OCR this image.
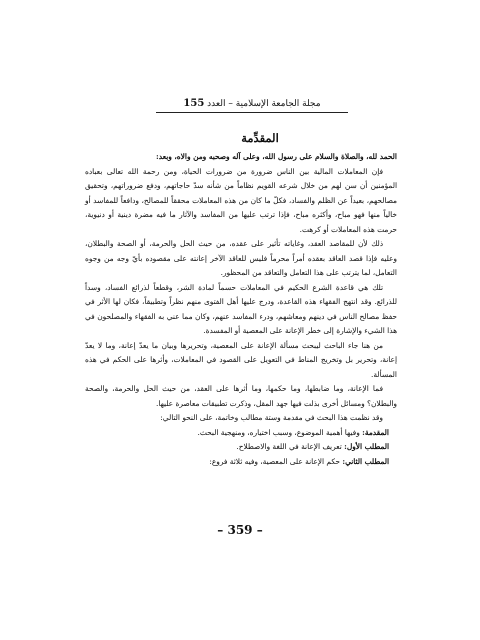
مجلة الجامعة الإسلامية – العدد 155
المقدِّمة

الحمد لله، والصلاة والسلام على رسول الله، وعلى آله وصحبه ومن والاه، وبعد:

فإن المعاملات المالية بين الناس ضرورة من ضرورات الحياة، ومن رحمة الله تعالى بعباده المؤمنين أن سن لهم من خلال شرعه القويم نظاماً من شأنه سدّ حاجاتهم، ودفع ضروراتهم، وتحقيق مصالحهم، بعيداً عن الظلم والفساد، فكلّ ما كان من هذه المعاملات محققاً للمصالح، ودافعاً للمفاسد أو خالياً منها فهو مباح، وأكثره مباح، فإذا ترتب عليها من المفاسد والآثار ما فيه مضرة دينية أو دنيوية، حرمت هذه المعاملات أو كرهت.

ذلك لأن للمقاصد العقد، وغاياته تأثير على عقده، من حيث الحل والحرمة، أو الصحة والبطلان، وعليه فإذا قصد العاقد بعقده أمراً محرماً فليس للعاقد الآخر إعانته على مقصوده بأيّ وجه من وجوه التعامل، لما يترتب على هذا التعامل والتعاقد من المحظور.

تلك هي قاعدة الشرع الحكيم في المعاملات حسماً لمادة الشر، وقطعاً لذرائع الفساد، وسداً للذرائع. وقد انتهج الفقهاء هذه القاعدة، ودرج عليها أهل الفتوى منهم نظراً وتطبيقاً، فكان لها الأثر في حفظ مصالح الناس في دينهم ومعاشهم، ودرء المفاسد عنهم، وكان مما عني به الفقهاء والمصلحون في هذا الشيء والإشارة إلى خطر الإعانة على المعصية أو المفسدة.

من هنا جاء الباحث ليبحث مسألة الإعانة على المعصية، وتحريرها وبيان ما يعدّ إعانة، وما لا يعدّ إعانة، وتحرير بل وتخريج المناط في التعويل على القصود في المعاملات، وأثرها على الحكم في هذه المسألة.

فما الإعانة، وما ضابطها، وما حكمها، وما أثرها على العقد، من حيث الحل والحرمة، والصحة والبطلان؟ ومسائل أخرى بذلت فيها جهد المقل، وذكرت تطبيقات معاصرة عليها.

وقد نظمت هذا البحث في مقدمة وستة مطالب وخاتمة، على النحو التالي:

المقدمة: وفيها أهمية الموضوع، وسبب اختياره، ومنهجية البحث.

المطلب الأول: تعريف الإعانة في اللغة والاصطلاح.

المطلب الثاني: حكم الإعانة على المعصية، وفيه ثلاثة فروع:

– 359 –
